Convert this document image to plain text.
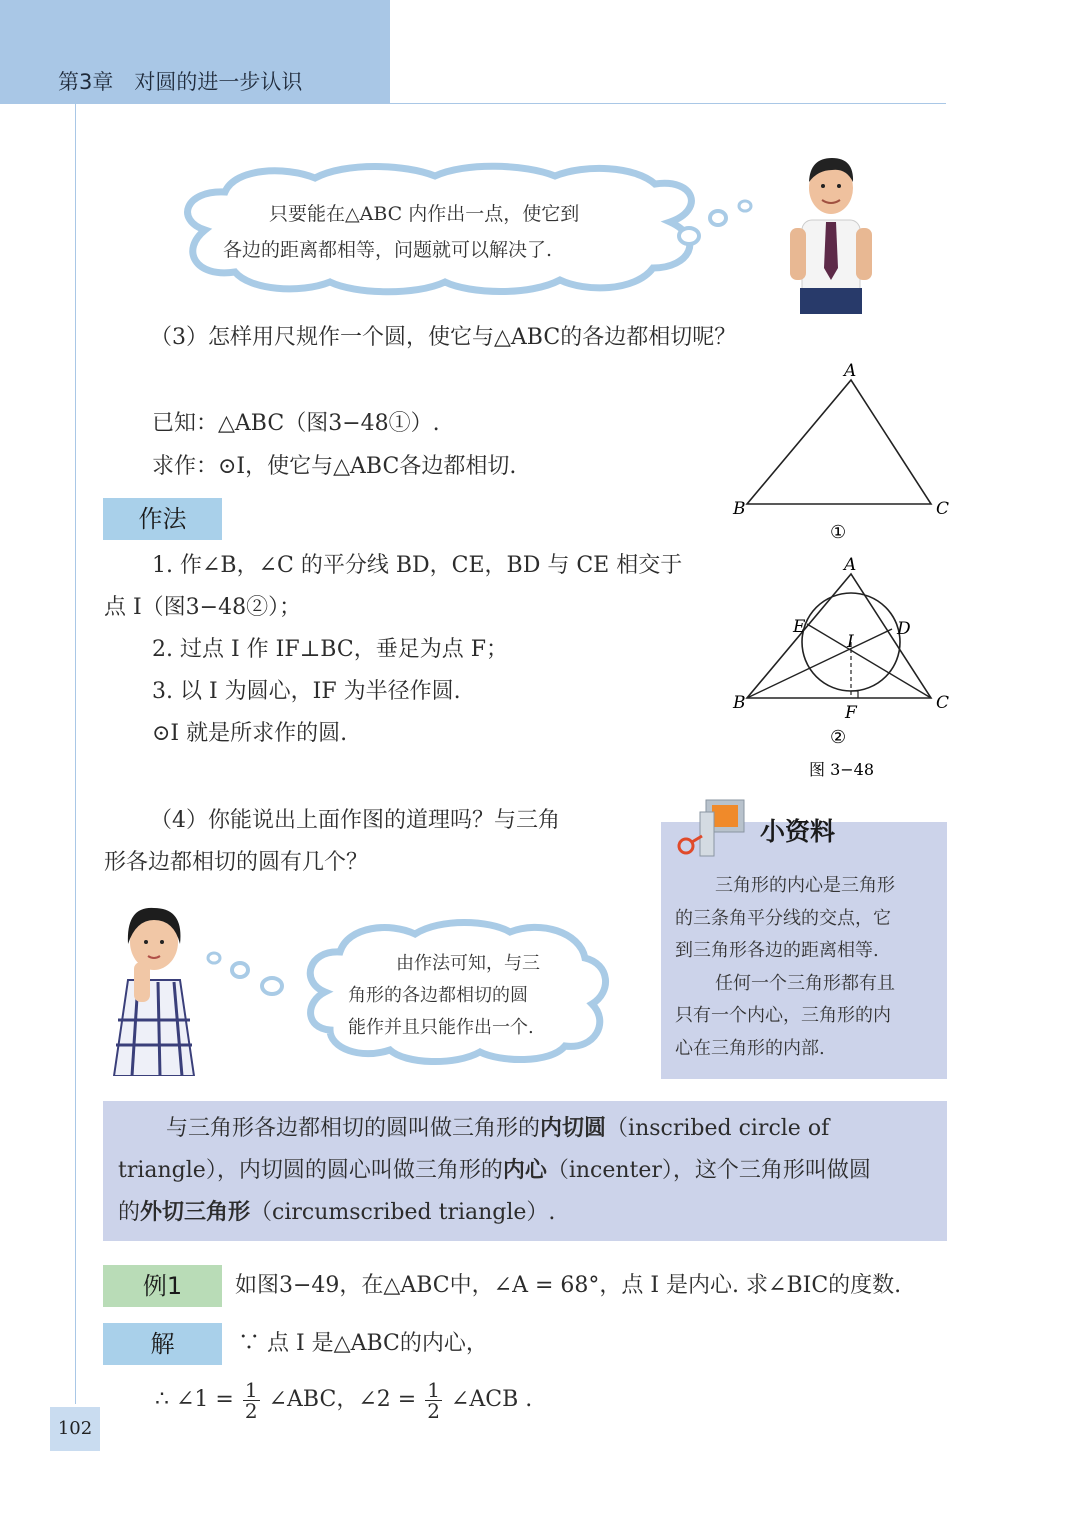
第3章　对圆的进一步认识
只要能在△ABC 内作出一点，使它到
各边的距离都相等，问题就可以解决了.
（3）怎样用尺规作一个圆，使它与△ABC的各边都相切呢？
已知：△ABC（图3−48①）.
求作：⊙I，使它与△ABC各边都相切.
作法
1. 作∠B，∠C 的平分线 BD，CE，BD 与 CE 相交于
点 I（图3−48②）；
2. 过点 I 作 IF⊥BC，垂足为点 F；
3. 以 I 为圆心，IF 为半径作圆.
⊙I 就是所求作的圆.
A
B	C
①
A
B	C
D
E
F
I
②
图 3−48
（4）你能说出上面作图的道理吗？与三角
形各边都相切的圆有几个？
由作法可知，与三
角形的各边都相切的圆
能作并且只能作出一个.
小资料
三角形的内心是三角形
的三条角平分线的交点，它
到三角形各边的距离相等.
任何一个三角形都有且
只有一个内心，三角形的内
心在三角形的内部.
与三角形各边都相切的圆叫做三角形的内切圆（inscribed circle of
triangle），内切圆的圆心叫做三角形的内心（incenter），这个三角形叫做圆
的外切三角形（circumscribed triangle）.
例1	如图3−49，在△ABC中，∠A = 68°，点 I 是内心. 求∠BIC的度数.
解	∵ 点 I 是△ABC的内心，
∴ ∠1 = $\frac{1}{2}$ ∠ABC，∠2 = $\frac{1}{2}$ ∠ACB .
102
